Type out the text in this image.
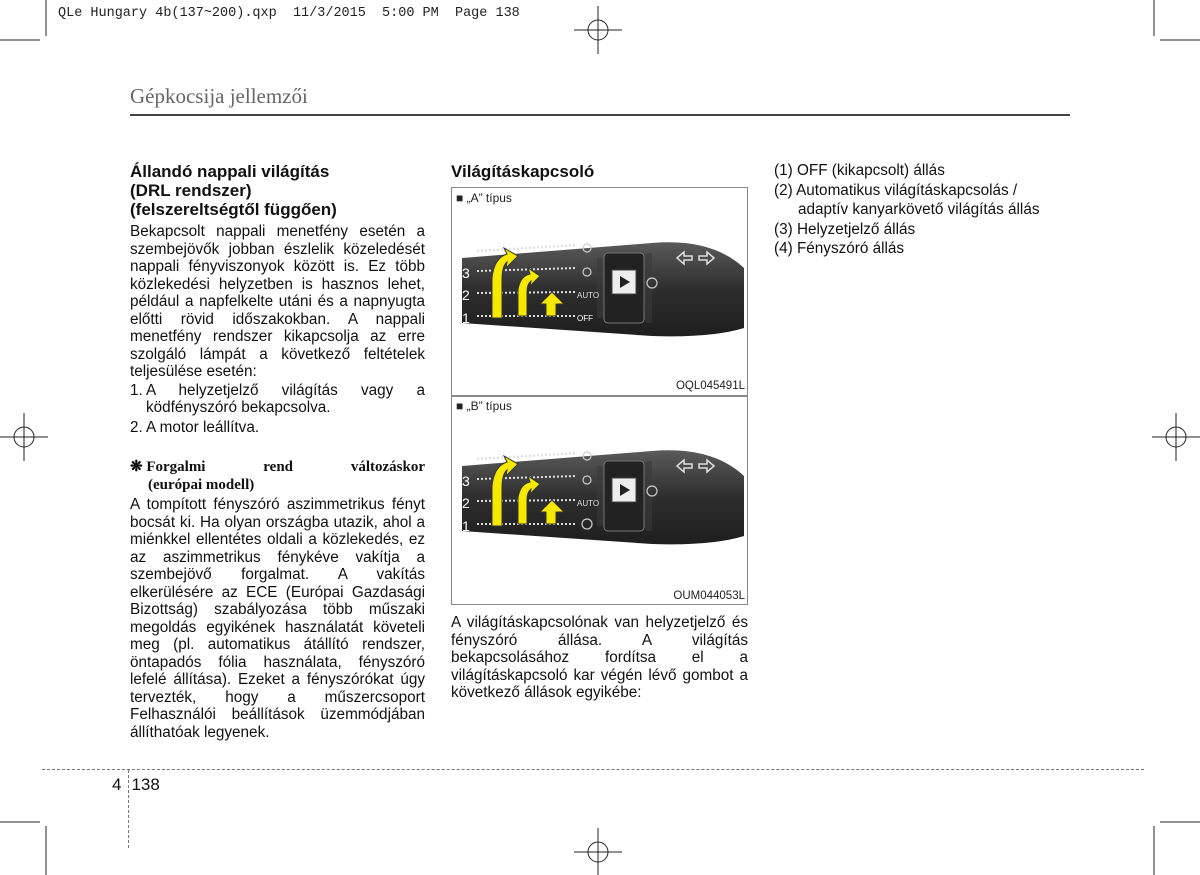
QLe Hungary 4b(137~200).qxp  11/3/2015  5:00 PM  Page 138
Gépkocsija jellemzői
Állandó nappali világítás
(DRL rendszer)
(felszereltségtől függően)

Bekapcsolt nappali menetfény esetén a szembejövők jobban észlelik közeledését nappali fényviszonyok között is. Ez több közlekedési helyzetben is hasznos lehet, például a napfelkelte utáni és a napnyugta előtti rövid időszakokban. A nappali menetfény rendszer kikapcsolja az erre szolgáló lámpát a következő feltételek teljesülése esetén:

1. A helyzetjelző világítás vagy a ködfényszóró bekapcsolva.
2. A motor leállítva.
❋ Forgalmi	rend	változáskor
(európai modell)

A tompított fényszóró aszimmetrikus fényt bocsát ki. Ha olyan országba utazik, ahol a miénkkel ellentétes oldali a közlekedés, ez az aszimmetrikus fénykéve vakítja a szembejövő forgalmat. A vakítás elkerülésére az ECE (Európai Gazdasági Bizottság) szabályozása több műszaki megoldás egyikének használatát követeli meg (pl. automatikus átállító rendszer, öntapadós fólia használata, fényszóró lefelé állítása). Ezeket a fényszórókat úgy tervezték, hogy a műszercsoport Felhasználói beállítások üzemmódjában állíthatóak legyenek.

Világításkapcsoló
■ „A” típus
4
3
2
1
AUTO
OFF
OQL045491L
■ „B” típus
4
3
2
1
AUTO
OUM044053L
A világításkapcsolónak van helyzetjelző és fényszóró állása. A világítás bekapcsolásához fordítsa el a világításkapcsoló kar végén lévő gombot a következő állások egyikébe:

(1) OFF (kikapcsolt) állás

(2) Automatikus világításkapcsolás /

adaptív kanyarkövető világítás állás

(3) Helyzetjelző állás

(4) Fényszóró állás

4 138
